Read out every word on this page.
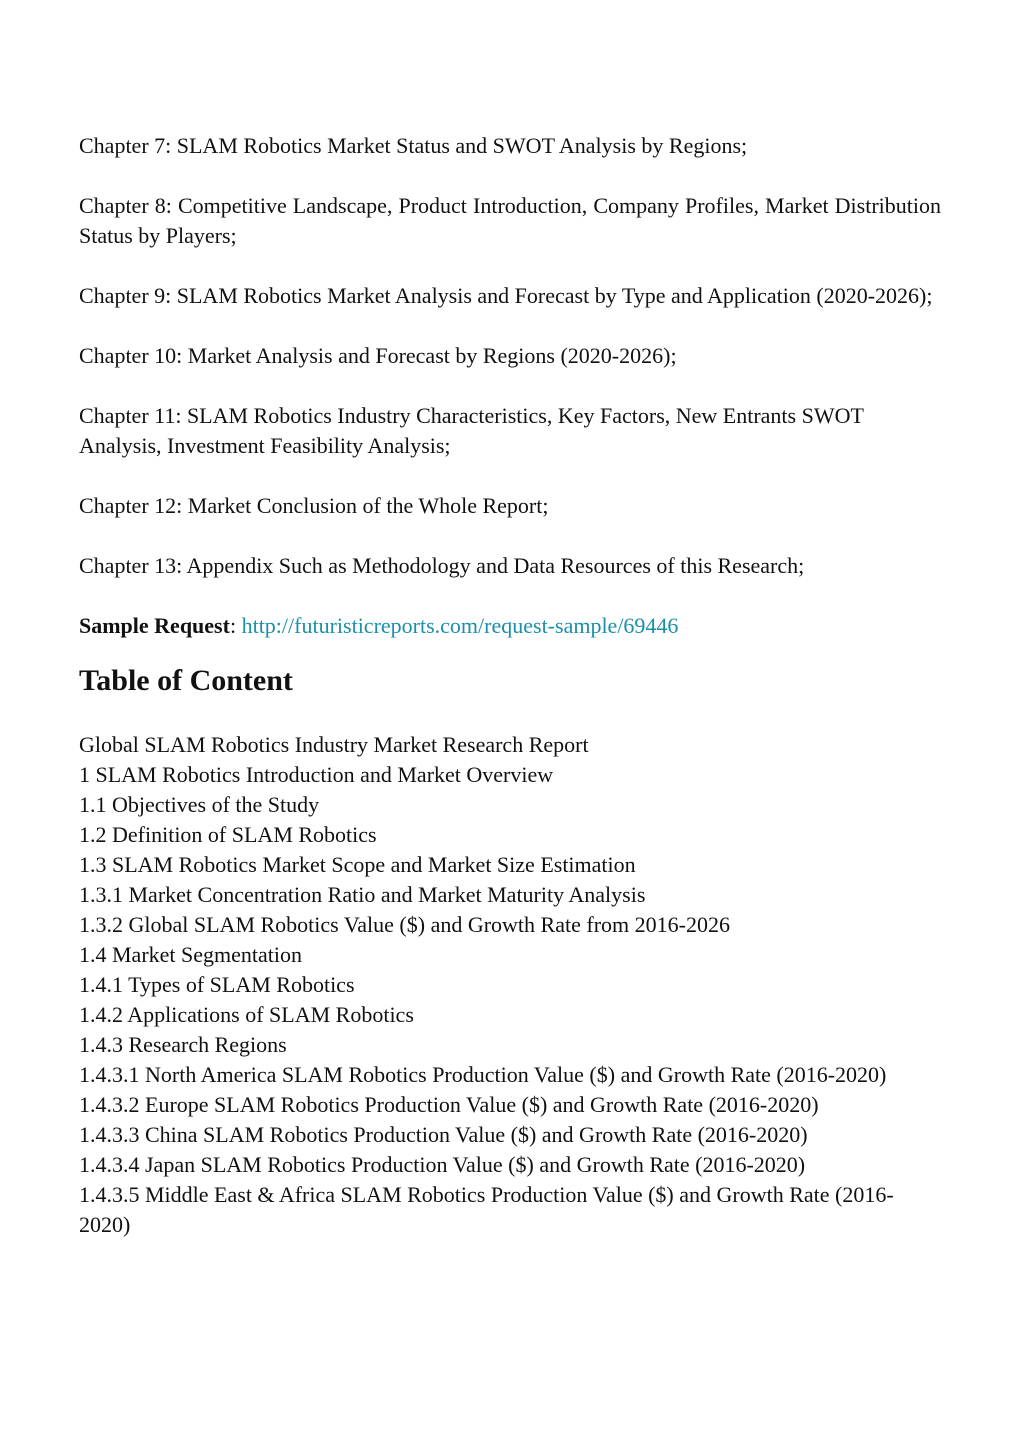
Chapter 7: SLAM Robotics Market Status and SWOT Analysis by Regions;

Chapter 8: Competitive Landscape, Product Introduction, Company Profiles, Market Distribution Status by Players;

Chapter 9: SLAM Robotics Market Analysis and Forecast by Type and Application (2020-2026);

Chapter 10: Market Analysis and Forecast by Regions (2020-2026);

Chapter 11: SLAM Robotics Industry Characteristics, Key Factors, New Entrants SWOT Analysis, Investment Feasibility Analysis;

Chapter 12: Market Conclusion of the Whole Report;

Chapter 13: Appendix Such as Methodology and Data Resources of this Research;

Sample Request: http://futuristicreports.com/request-sample/69446

Table of Content
Global SLAM Robotics Industry Market Research Report
1 SLAM Robotics Introduction and Market Overview
1.1 Objectives of the Study
1.2 Definition of SLAM Robotics
1.3 SLAM Robotics Market Scope and Market Size Estimation
1.3.1 Market Concentration Ratio and Market Maturity Analysis
1.3.2 Global SLAM Robotics Value ($) and Growth Rate from 2016-2026
1.4 Market Segmentation
1.4.1 Types of SLAM Robotics
1.4.2 Applications of SLAM Robotics
1.4.3 Research Regions
1.4.3.1 North America SLAM Robotics Production Value ($) and Growth Rate (2016-2020)
1.4.3.2 Europe SLAM Robotics Production Value ($) and Growth Rate (2016-2020)
1.4.3.3 China SLAM Robotics Production Value ($) and Growth Rate (2016-2020)
1.4.3.4 Japan SLAM Robotics Production Value ($) and Growth Rate (2016-2020)
1.4.3.5 Middle East & Africa SLAM Robotics Production Value ($) and Growth Rate (2016-2020)
